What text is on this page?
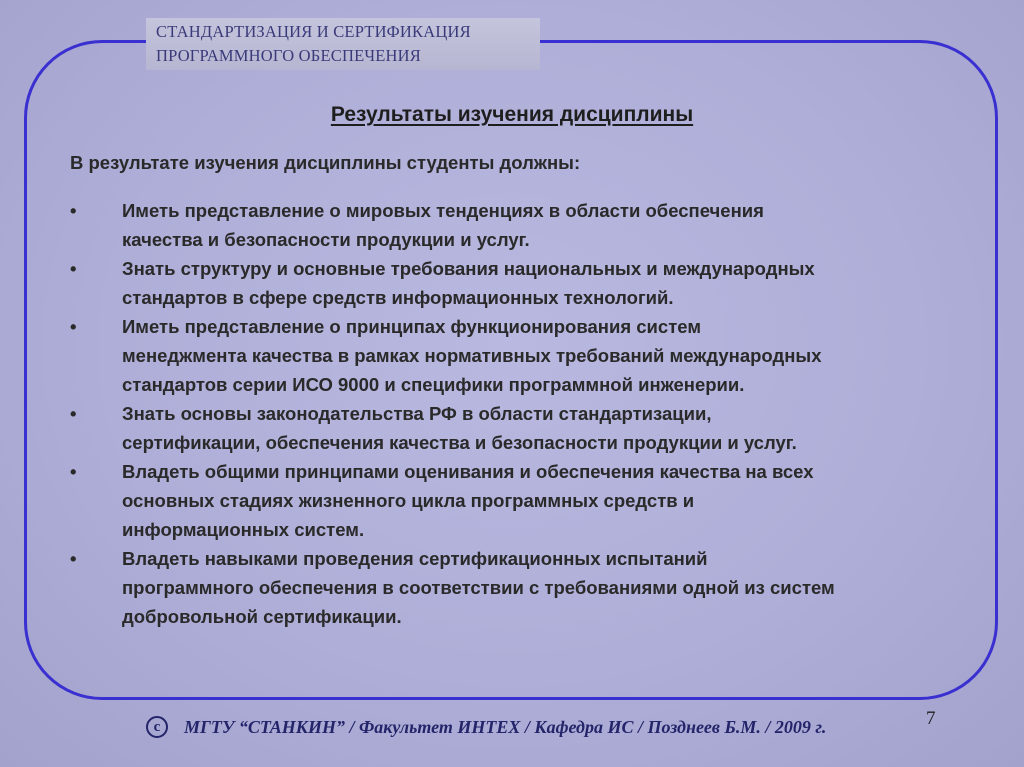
СТАНДАРТИЗАЦИЯ И СЕРТИФИКАЦИЯ
ПРОГРАММНОГО ОБЕСПЕЧЕНИЯ
Результаты изучения дисциплины
В результате изучения дисциплины студенты должны:
• Иметь представление о мировых тенденциях в области обеспечения
качества и безопасности продукции и услуг.
• Знать структуру и основные требования национальных и международных
стандартов в сфере средств информационных технологий.
• Иметь представление о принципах функционирования систем
менеджмента качества в рамках нормативных требований международных
стандартов серии ИСО 9000 и специфики программной инженерии.
• Знать основы законодательства РФ в области стандартизации,
сертификации, обеспечения качества и безопасности продукции и услуг.
• Владеть общими принципами оценивания и обеспечения качества на всех
основных стадиях жизненного цикла программных средств и
информационных систем.
• Владеть навыками проведения сертификационных испытаний
программного обеспечения в соответствии с требованиями одной из систем
добровольной сертификации.
c	МГТУ “СТАНКИН” / Факультет ИНТЕХ / Кафедра ИС / Позднеев Б.М. / 2009 г.	7
